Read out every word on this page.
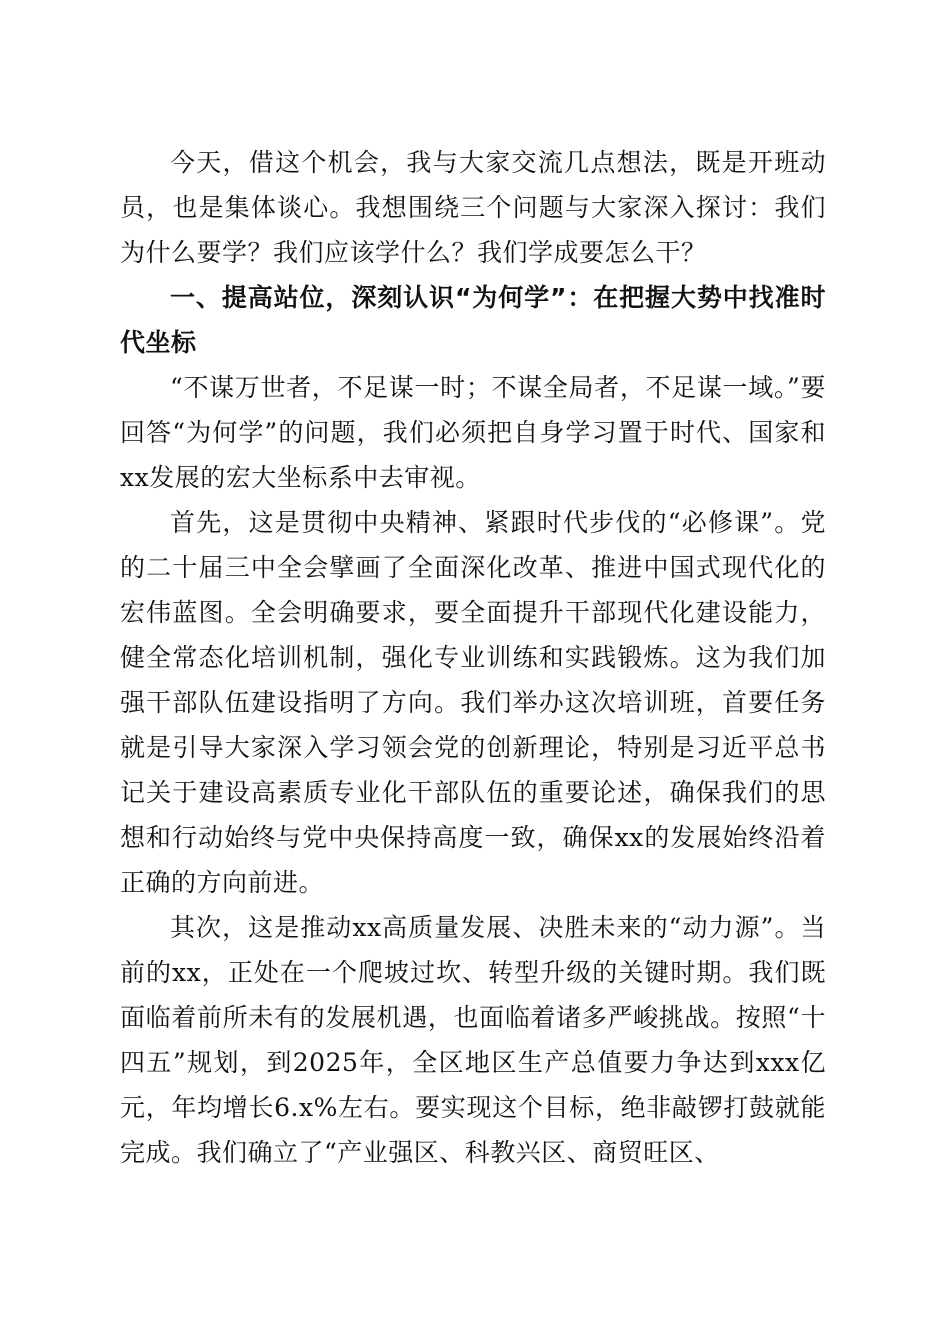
今天，借这个机会，我与大家交流几点想法，既是开班动员，也是集体谈心。我想围绕三个问题与大家深入探讨：我们为什么要学？我们应该学什么？我们学成要怎么干？

一、提高站位，深刻认识“为何学”：在把握大势中找准时代坐标

“不谋万世者，不足谋一时；不谋全局者，不足谋一域。”要回答“为何学”的问题，我们必须把自身学习置于时代、国家和xx发展的宏大坐标系中去审视。

首先，这是贯彻中央精神、紧跟时代步伐的“必修课”。党的二十届三中全会擘画了全面深化改革、推进中国式现代化的宏伟蓝图。全会明确要求，要全面提升干部现代化建设能力，健全常态化培训机制，强化专业训练和实践锻炼。这为我们加强干部队伍建设指明了方向。我们举办这次培训班，首要任务就是引导大家深入学习领会党的创新理论，特别是习近平总书记关于建设高素质专业化干部队伍的重要论述，确保我们的思想和行动始终与党中央保持高度一致，确保xx的发展始终沿着正确的方向前进。

其次，这是推动xx高质量发展、决胜未来的“动力源”。当前的xx，正处在一个爬坡过坎、转型升级的关键时期。我们既面临着前所未有的发展机遇，也面临着诸多严峻挑战。按照“十四五”规划，到2025年，全区地区生产总值要力争达到xxx亿元，年均增长6.x%左右。要实现这个目标，绝非敲锣打鼓就能完成。我们确立了“产业强区、科教兴区、商贸旺区、
